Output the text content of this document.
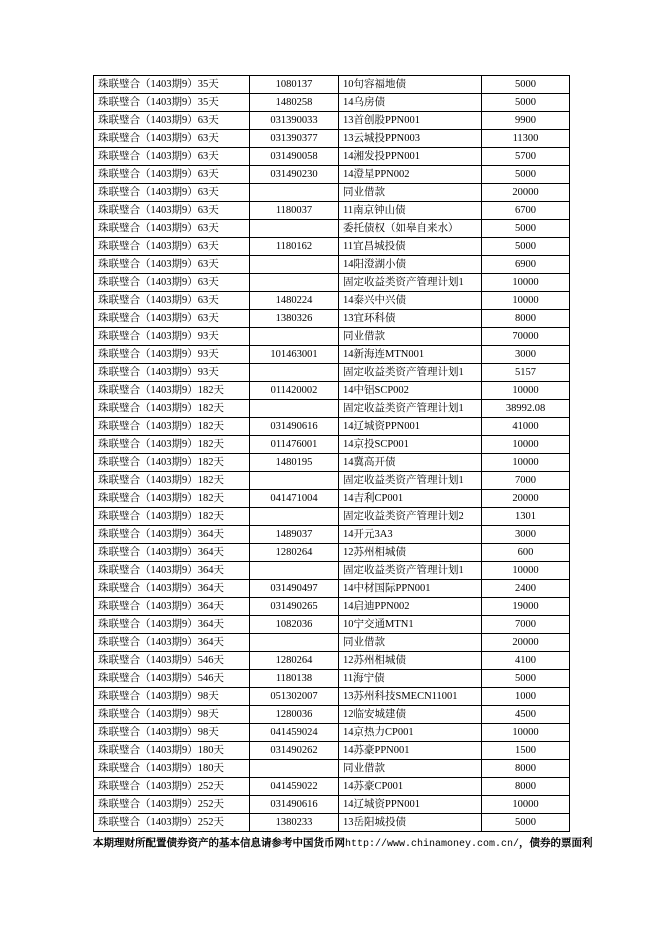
珠联璧合（1403期9）35天	1080137	10句容福地债	5000
珠联璧合（1403期9）35天	1480258	14乌房债	5000
珠联璧合（1403期9）63天	031390033	13首创股PPN001	9900
珠联璧合（1403期9）63天	031390377	13云城投PPN003	11300
珠联璧合（1403期9）63天	031490058	14湘发投PPN001	5700
珠联璧合（1403期9）63天	031490230	14澄星PPN002	5000
珠联璧合（1403期9）63天		同业借款	20000
珠联璧合（1403期9）63天	1180037	11南京钟山债	6700
珠联璧合（1403期9）63天		委托债权（如皋自来水）	5000
珠联璧合（1403期9）63天	1180162	11宜昌城投债	5000
珠联璧合（1403期9）63天		14阳澄湖小债	6900
珠联璧合（1403期9）63天		固定收益类资产管理计划1	10000
珠联璧合（1403期9）63天	1480224	14泰兴中兴债	10000
珠联璧合（1403期9）63天	1380326	13宜环科债	8000
珠联璧合（1403期9）93天		同业借款	70000
珠联璧合（1403期9）93天	101463001	14新海连MTN001	3000
珠联璧合（1403期9）93天		固定收益类资产管理计划1	5157
珠联璧合（1403期9）182天	011420002	14中铝SCP002	10000
珠联璧合（1403期9）182天		固定收益类资产管理计划1	38992.08
珠联璧合（1403期9）182天	031490616	14辽城资PPN001	41000
珠联璧合（1403期9）182天	011476001	14京投SCP001	10000
珠联璧合（1403期9）182天	1480195	14冀高开债	10000
珠联璧合（1403期9）182天		固定收益类资产管理计划1	7000
珠联璧合（1403期9）182天	041471004	14吉利CP001	20000
珠联璧合（1403期9）182天		固定收益类资产管理计划2	1301
珠联璧合（1403期9）364天	1489037	14开元3A3	3000
珠联璧合（1403期9）364天	1280264	12苏州相城债	600
珠联璧合（1403期9）364天		固定收益类资产管理计划1	10000
珠联璧合（1403期9）364天	031490497	14中材国际PPN001	2400
珠联璧合（1403期9）364天	031490265	14启迪PPN002	19000
珠联璧合（1403期9）364天	1082036	10宁交通MTN1	7000
珠联璧合（1403期9）364天		同业借款	20000
珠联璧合（1403期9）546天	1280264	12苏州相城债	4100
珠联璧合（1403期9）546天	1180138	11海宁债	5000
珠联璧合（1403期9）98天	051302007	13苏州科技SMECN11001	1000
珠联璧合（1403期9）98天	1280036	12临安城建债	4500
珠联璧合（1403期9）98天	041459024	14京热力CP001	10000
珠联璧合（1403期9）180天	031490262	14苏豪PPN001	1500
珠联璧合（1403期9）180天		同业借款	8000
珠联璧合（1403期9）252天	041459022	14苏豪CP001	8000
珠联璧合（1403期9）252天	031490616	14辽城资PPN001	10000
珠联璧合（1403期9）252天	1380233	13岳阳城投债	5000
本期理财所配置债券资产的基本信息请参考中国货币网http://www.chinamoney.com.cn/，债券的票面利
